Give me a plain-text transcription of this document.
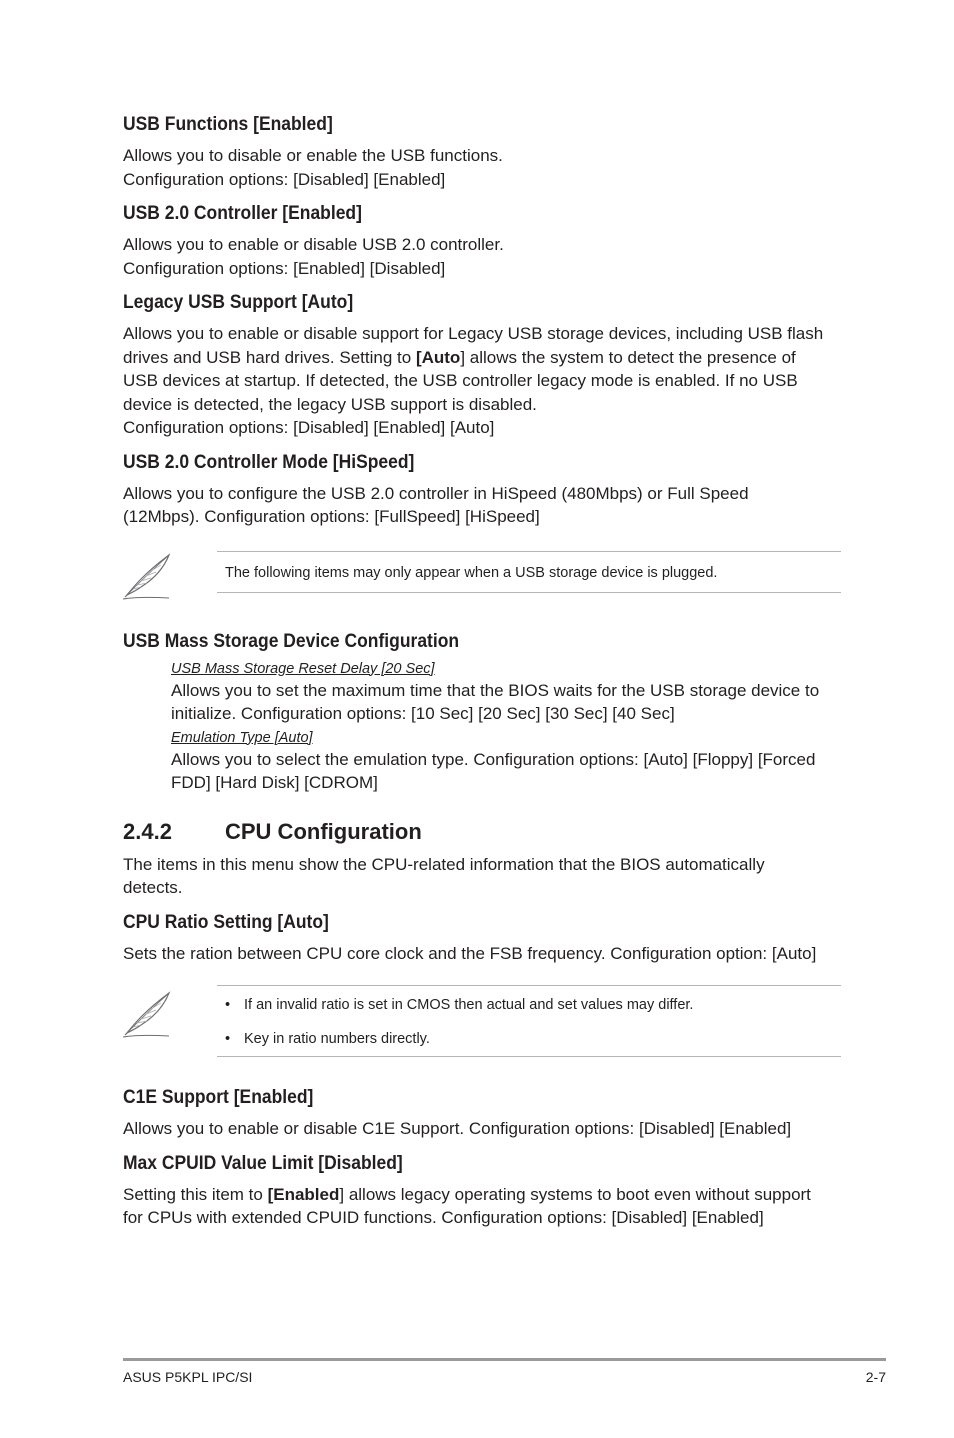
USB Functions [Enabled]

Allows you to disable or enable the USB functions.
Configuration options: [Disabled] [Enabled]

USB 2.0 Controller [Enabled]

Allows you to enable or disable USB 2.0 controller.
Configuration options: [Enabled] [Disabled]

Legacy USB Support [Auto]

Allows you to enable or disable support for Legacy USB storage devices, including USB flash
drives and USB hard drives. Setting to [Auto] allows the system to detect the presence of
USB devices at startup. If detected, the USB controller legacy mode is enabled. If no USB
device is detected, the legacy USB support is disabled.
Configuration options: [Disabled] [Enabled] [Auto]

USB 2.0 Controller Mode [HiSpeed]

Allows you to configure the USB 2.0 controller in HiSpeed (480Mbps) or Full Speed
(12Mbps). Configuration options: [FullSpeed] [HiSpeed]

The following items may only appear when a USB storage device is plugged.

USB Mass Storage Device Configuration

USB Mass Storage Reset Delay [20 Sec]

Allows you to set the maximum time that the BIOS waits for the USB storage device to
initialize. Configuration options: [10 Sec] [20 Sec] [30 Sec] [40 Sec]

Emulation Type [Auto]

Allows you to select the emulation type. Configuration options: [Auto] [Floppy] [Forced
FDD] [Hard Disk] [CDROM]

2.4.2 CPU Configuration

The items in this menu show the CPU-related information that the BIOS automatically
detects.

CPU Ratio Setting [Auto]

Sets the ration between CPU core clock and the FSB frequency. Configuration option: [Auto]

• If an invalid ratio is set in CMOS then actual and set values may differ.
• Key in ratio numbers directly.
C1E Support [Enabled]

Allows you to enable or disable C1E Support. Configuration options: [Disabled] [Enabled]

Max CPUID Value Limit [Disabled]

Setting this item to [Enabled] allows legacy operating systems to boot even without support
for CPUs with extended CPUID functions. Configuration options: [Disabled] [Enabled]

ASUS P5KPL IPC/SI	2-7
